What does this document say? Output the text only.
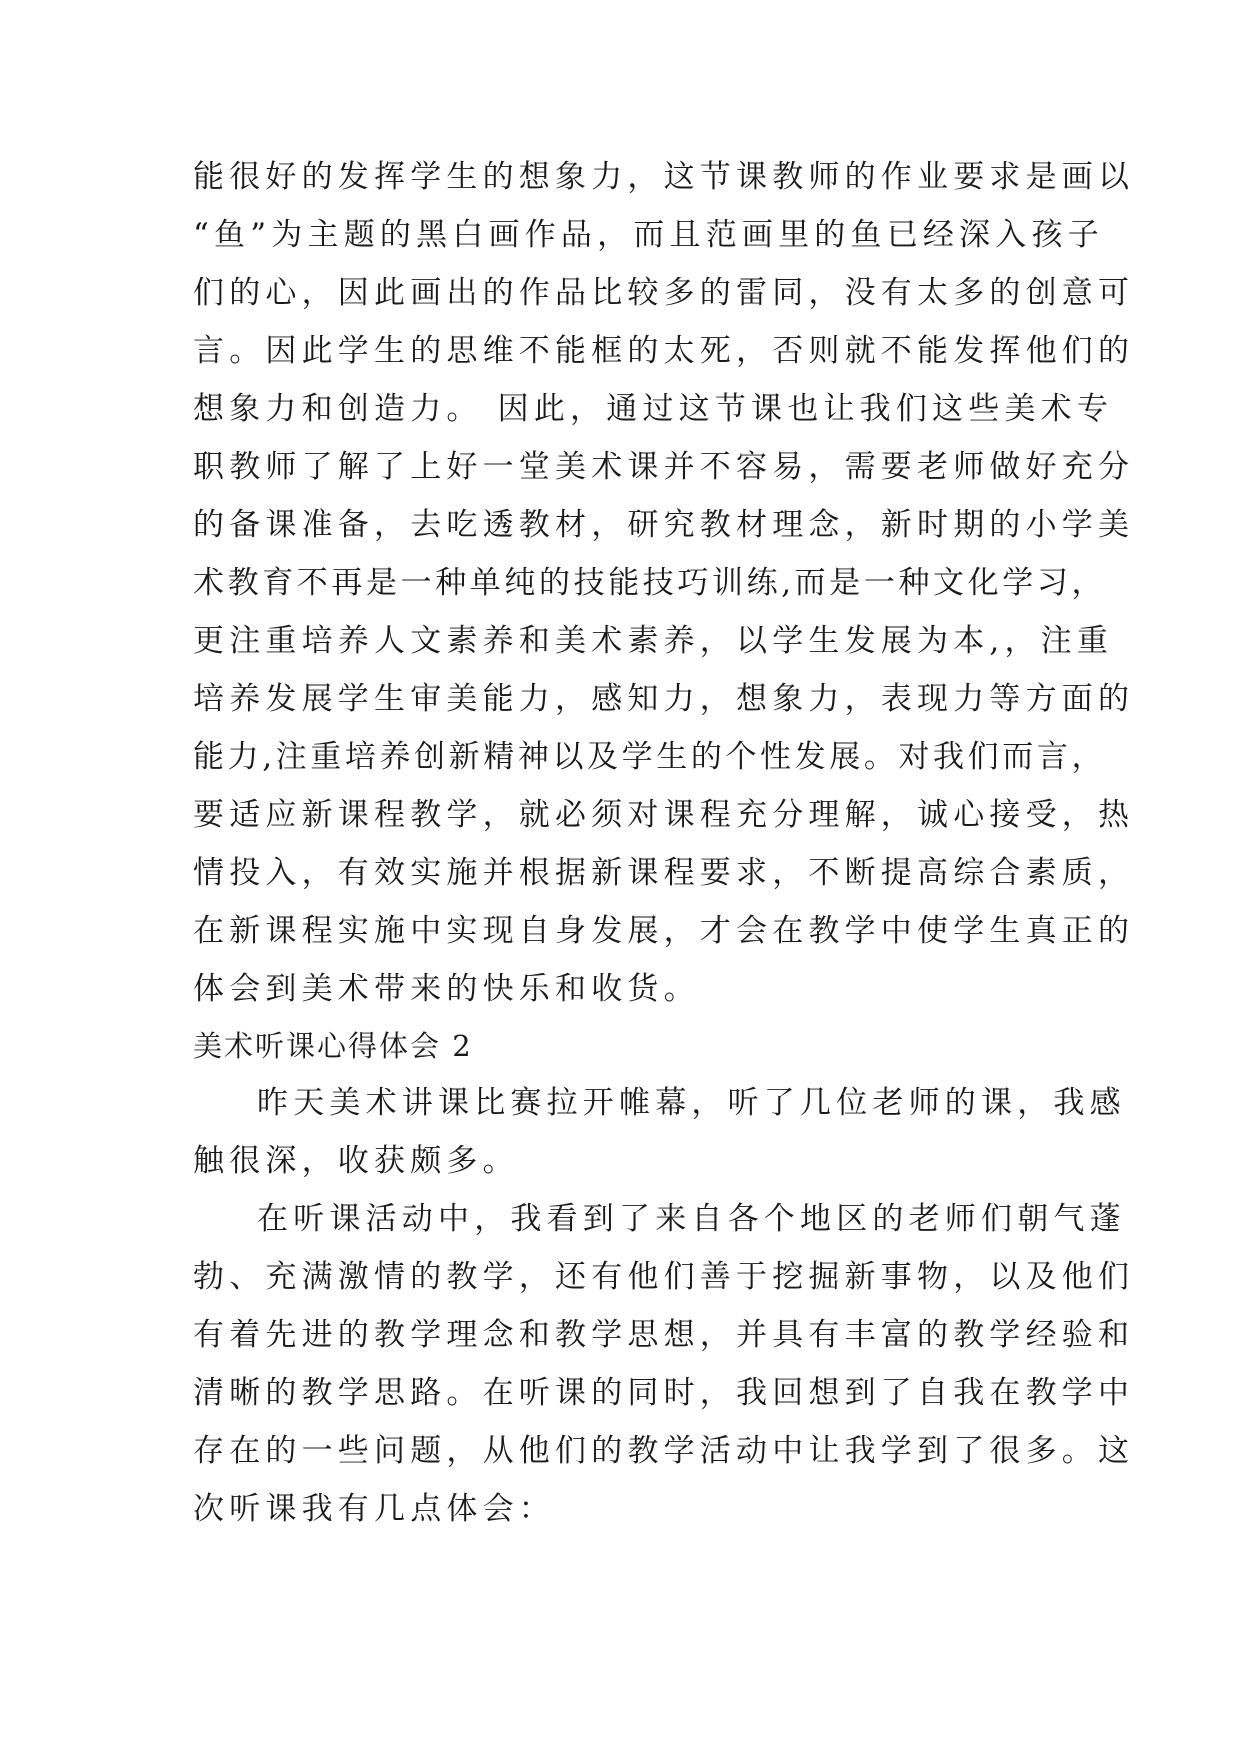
能很好的发挥学生的想象力，这节课教师的作业要求是画以
“鱼”为主题的黑白画作品，而且范画里的鱼已经深入孩子
们的心，因此画出的作品比较多的雷同，没有太多的创意可
言。因此学生的思维不能框的太死，否则就不能发挥他们的
想象力和创造力。 因此，通过这节课也让我们这些美术专
职教师了解了上好一堂美术课并不容易，需要老师做好充分
的备课准备，去吃透教材，研究教材理念，新时期的小学美
术教育不再是一种单纯的技能技巧训练,而是一种文化学习，
更注重培养人文素养和美术素养，以学生发展为本,，注重
培养发展学生审美能力，感知力，想象力，表现力等方面的
能力,注重培养创新精神以及学生的个性发展。对我们而言，
要适应新课程教学，就必须对课程充分理解，诚心接受，热
情投入，有效实施并根据新课程要求，不断提高综合素质，
在新课程实施中实现自身发展，才会在教学中使学生真正的
体会到美术带来的快乐和收货。
美术听课心得体会 2
昨天美术讲课比赛拉开帷幕，听了几位老师的课，我感
触很深，收获颇多。
在听课活动中，我看到了来自各个地区的老师们朝气蓬
勃、充满激情的教学，还有他们善于挖掘新事物，以及他们
有着先进的教学理念和教学思想，并具有丰富的教学经验和
清晰的教学思路。在听课的同时，我回想到了自我在教学中
存在的一些问题，从他们的教学活动中让我学到了很多。这
次听课我有几点体会：
